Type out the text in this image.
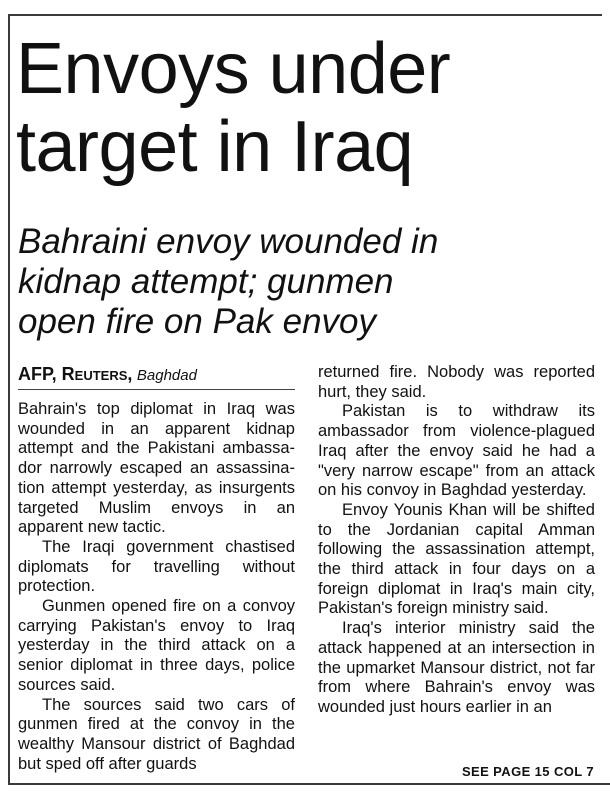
Envoys under
target in Iraq
Bahraini envoy wounded in
kidnap attempt; gunmen
open fire on Pak envoy
AFP, Reuters, Baghdad

Bahrain's top diplomat in Iraq was wounded in an apparent kidnap attempt and the Pakistani ambassador narrowly escaped an assassination attempt yesterday, as insurgents targeted Muslim envoys in an apparent new tactic.

The Iraqi government chastised diplomats for travelling without protection.

Gunmen opened fire on a convoy carrying Pakistan's envoy to Iraq yesterday in the third attack on a senior diplomat in three days, police sources said.

The sources said two cars of gunmen fired at the convoy in the wealthy Mansour district of Baghdad but sped off after guards

returned fire. Nobody was reported hurt, they said.

Pakistan is to withdraw its ambassador from violence-plagued Iraq after the envoy said he had a "very narrow escape" from an attack on his convoy in Baghdad yesterday.

Envoy Younis Khan will be shifted to the Jordanian capital Amman following the assassination attempt, the third attack in four days on a foreign diplomat in Iraq's main city, Pakistan's foreign ministry said.

Iraq's interior ministry said the attack happened at an intersection in the upmarket Mansour district, not far from where Bahrain's envoy was wounded just hours earlier in an

SEE PAGE 15 COL 7
